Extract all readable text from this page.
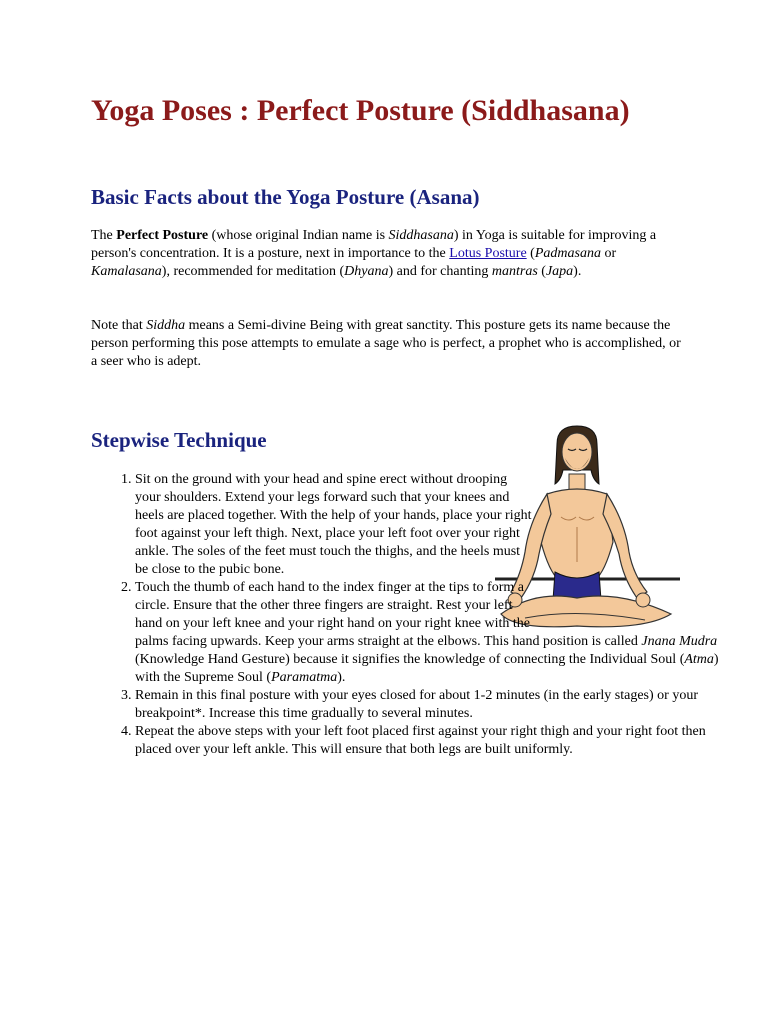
Yoga Poses : Perfect Posture (Siddhasana)
Basic Facts about the Yoga Posture (Asana)

The Perfect Posture (whose original Indian name is Siddhasana) in Yoga is suitable for improving a person's concentration. It is a posture, next in importance to the Lotus Posture (Padmasana or Kamalasana), recommended for meditation (Dhyana) and for chanting mantras (Japa).

Note that Siddha means a Semi-divine Being with great sanctity. This posture gets its name because the person performing this pose attempts to emulate a sage who is perfect, a prophet who is accomplished, or a seer who is adept.

Stepwise Technique
1. Sit on the ground with your head and spine erect without drooping your shoulders. Extend your legs forward such that your knees and heels are placed together. With the help of your hands, place your right foot against your left thigh. Next, place your left foot over your right ankle. The soles of the feet must touch the thighs, and the heels must be close to the pubic bone.
2. Touch the thumb of each hand to the index finger at the tips to form a circle. Ensure that the other three fingers are straight. Rest your left hand on your left knee and your right hand on your right knee with the palms facing upwards. Keep your arms straight at the elbows. This hand position is called Jnana Mudra (Knowledge Hand Gesture) because it signifies the knowledge of connecting the Individual Soul (Atma) with the Supreme Soul (Paramatma).
3. Remain in this final posture with your eyes closed for about 1-2 minutes (in the early stages) or your breakpoint*. Increase this time gradually to several minutes.
4. Repeat the above steps with your left foot placed first against your right thigh and your right foot then placed over your left ankle. This will ensure that both legs are built uniformly.
